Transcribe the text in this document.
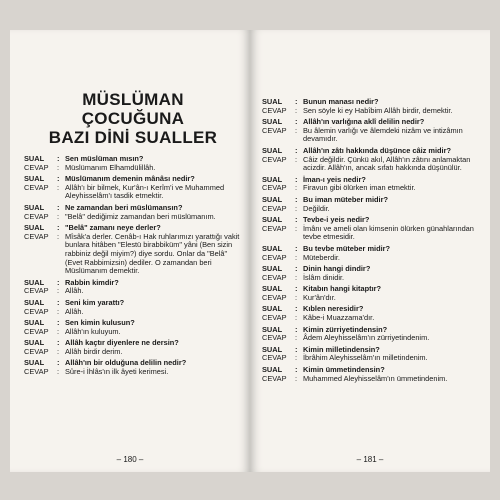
MÜSLÜMAN
ÇOCUĞUNA
BAZI DİNİ SUALLER
SUAL	: Sen müslüman mısın?
CEVAP	: Müslümanım Elhamdülillâh.
SUAL	: Müslümanım demenin mânâsı nedir?
CEVAP	: Allâh'ı bir bilmek, Kur'ân-ı Kerîm'i ve Muhammed Aleyhisselâm'ı tasdik etmektir.
SUAL	: Ne zamandan beri müslümansın?
CEVAP	: "Belâ" dediğimiz zamandan beri müslümanım.
SUAL	: "Belâ" zamanı neye derler?
CEVAP	: Mîsâk'a derler. Cenâb-ı Hak ruhlarımızı yarattığı vakit bunlara hitâben "Elestü birabbiküm" yâni (Ben sizin rabbiniz değil miyim?) diye sordu. Onlar da "Belâ" (Evet Rabbimizsin) dediler. O zamandan beri Müslümanım demektir.
SUAL	: Rabbin kimdir?
CEVAP	: Allâh.
SUAL	: Seni kim yarattı?
CEVAP	: Allâh.
SUAL	: Sen kimin kulusun?
CEVAP	: Allâh'ın kuluyum.
SUAL	: Allâh kaçtır diyenlere ne dersin?
CEVAP	: Allâh birdir derim.
SUAL	: Allâh'ın bir olduğuna delilin nedir?
CEVAP	: Sûre-i İhlâs'ın ilk âyeti kerimesi.
– 180 –
SUAL	: Bunun manası nedir?
CEVAP	: Sen söyle ki ey Habîbim Allâh birdir, demektir.
SUAL	: Allâh'ın varlığına aklî delilin nedir?
CEVAP	: Bu âlemin varlığı ve âlemdeki nizâm ve intizâmın devamıdır.
SUAL	: Allâh'ın zâtı hakkında düşünce câiz midir?
CEVAP	: Câiz değildir. Çünkü akıl, Allâh'ın zâtını anlamaktan acizdir. Allâh'ın, ancak sıfatı hakkında düşünülür.
SUAL	: İman-ı yeis nedir?
CEVAP	: Firavun gibi ölürken iman etmektir.
SUAL	: Bu iman müteber midir?
CEVAP	: Değildir.
SUAL	: Tevbe-i yeis nedir?
CEVAP	: İmânı ve ameli olan kimsenin ölürken günahlarından tevbe etmesidir.
SUAL	: Bu tevbe müteber midir?
CEVAP	: Müteberdir.
SUAL	: Dinin hangi dindir?
CEVAP	: İslâm dinidir.
SUAL	: Kitabın hangi kitaptır?
CEVAP	: Kur'ân'dır.
SUAL	: Kıblen neresidir?
CEVAP	: Kâbe-i Muazzama'dır.
SUAL	: Kimin zürriyetindensin?
CEVAP	: Âdem Aleyhisselâm'ın zürriyetindenim.
SUAL	: Kimin milletindensin?
CEVAP	: İbrâhim Aleyhisselâm'ın milletindenim.
SUAL	: Kimin ümmetindensin?
CEVAP	: Muhammed Aleyhisselâm'ın ümmetindenim.
– 181 –
